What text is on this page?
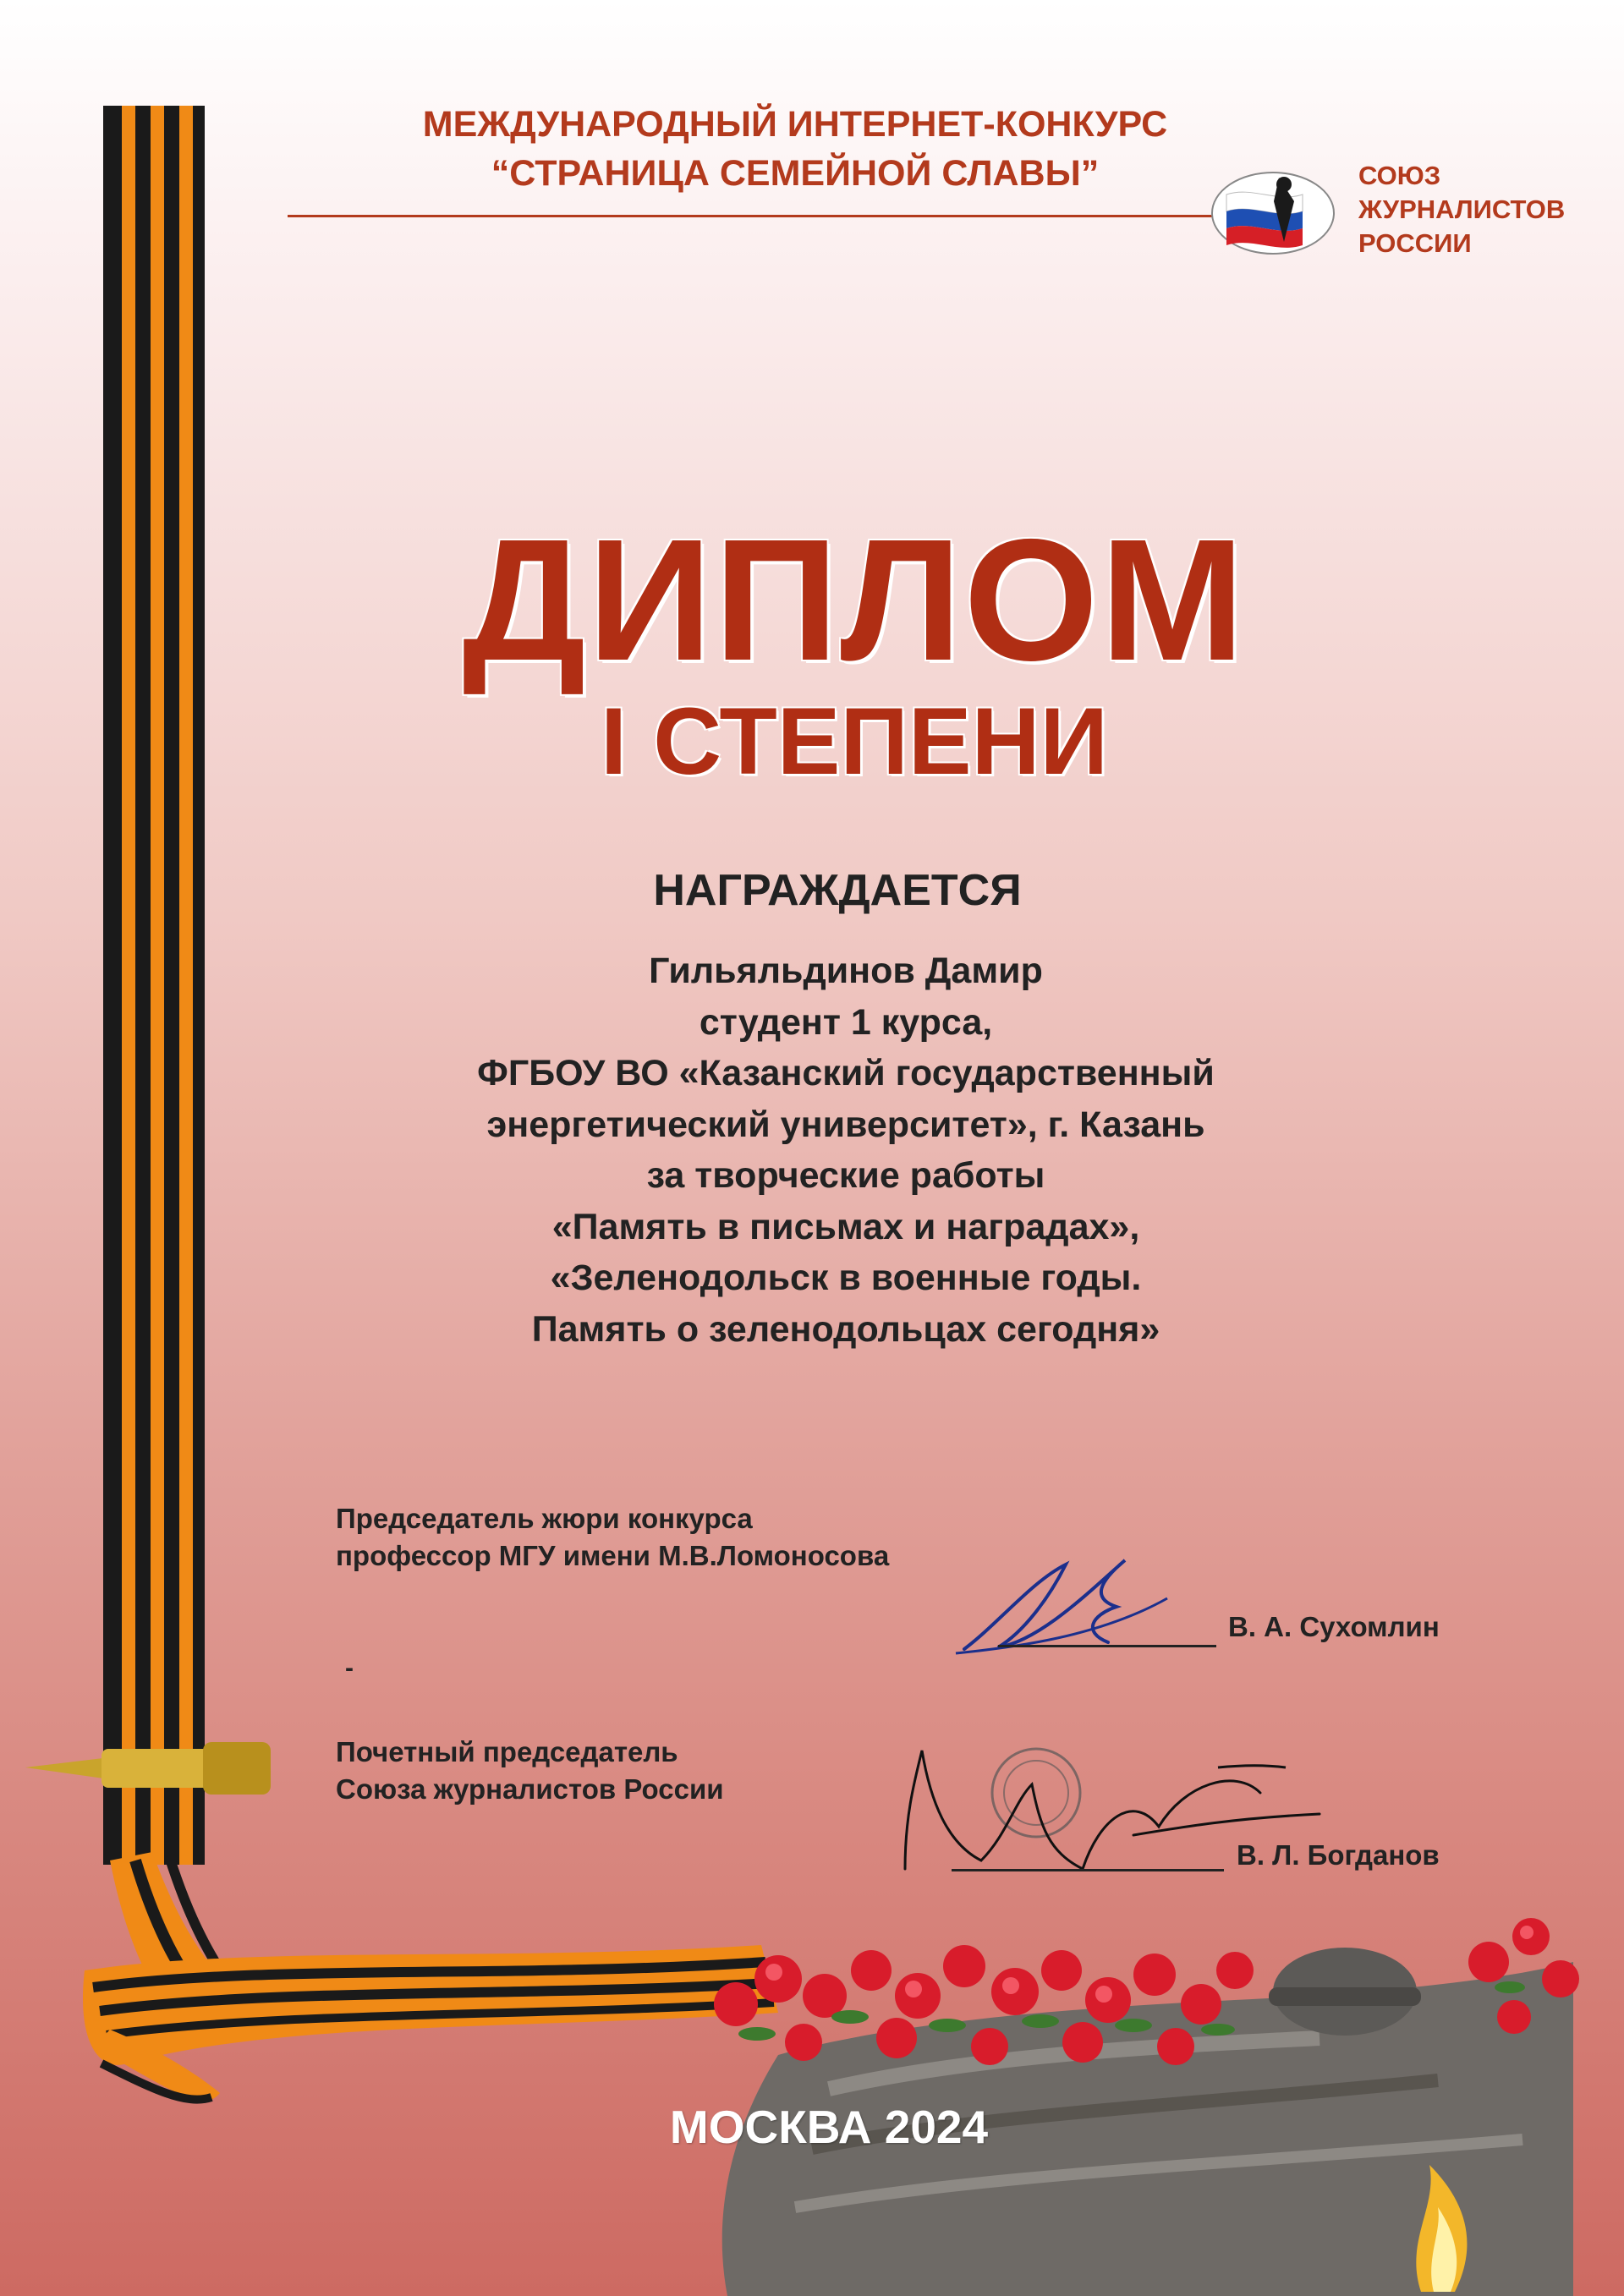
МЕЖДУНАРОДНЫЙ ИНТЕРНЕТ-КОНКУРС
“СТРАНИЦА СЕМЕЙНОЙ СЛАВЫ”	СОЮЗ
ЖУРНАЛИСТОВ
РОССИИ
ДИПЛОМ
I СТЕПЕНИ
НАГРАЖДАЕТСЯ
Гильяльдинов Дамир
студент 1 курса,
ФГБОУ ВО «Казанский государственный
энергетический университет», г. Казань
за творческие работы
«Память в письмах и наградах»,
«Зеленодольск в военные годы.
Память о зеленодольцах сегодня»
Председатель жюри конкурса
профессор МГУ имени М.В.Ломоносова
В. А. Сухомлин
-
Почетный председатель
Союза журналистов России
В. Л. Богданов
МОСКВА 2024
